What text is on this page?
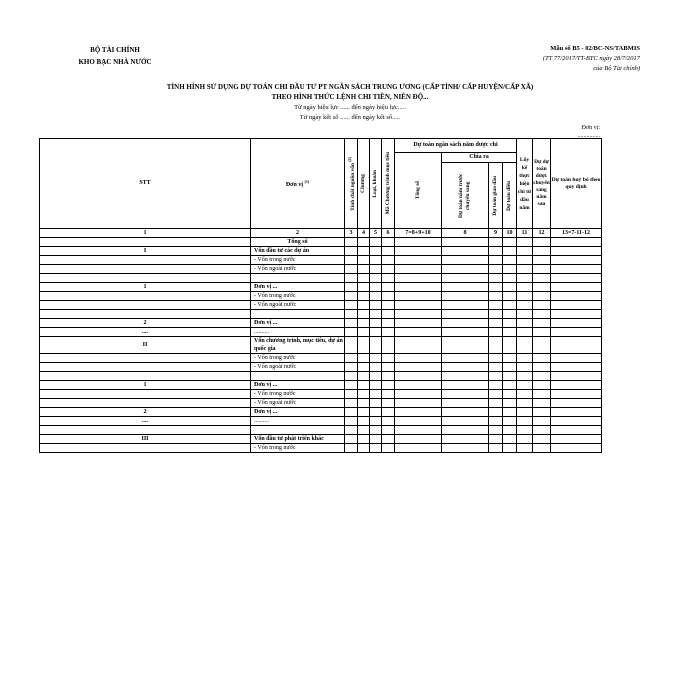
BỘ TÀI CHÍNH
KHO BẠC NHÀ NƯỚC
Mẫu số B5 - 02/BC-NS/TABMIS
(TT 77/2017/TT-BTC ngày 28/7/2017
của Bộ Tài chính)
TÌNH HÌNH SỬ DỤNG DỰ TOÁN CHI ĐẦU TƯ PT NGÂN SÁCH TRUNG ƯƠNG (CẤP TỈNH/ CẤP HUYỆN/CẤP XÃ)
THEO HÌNH THỨC LỆNH CHI TIỀN, NIÊN ĐỘ...
Từ ngày hiệu lực ...... đến ngày hiệu lực.....
Từ ngày kết số ...... đến ngày kết số.....
Đơn vị:
...............
STT	Đơn vị $^{(1)}$	Tính chất nguồn vốn $^{(2)}$	Chương	Loại, khoản	Mã Chương trình mục tiêu	Dự toán ngân sách năm được chi				Lũy kế thực hiện chi từ đầu năm	Dự dự toán được chuyển sang năm sau	Dự toán huỷ bỏ theo quy định

						Tổng số	Chia ra					

							Dự toán năm trước chuyển sang	Dự toán giao đầu	Dự toán điều			

1	2	3	4	5	6	7=8+9+10	8	9	10	11	12	13=7-11-12
	Tổng số											
I	Vốn đầu tư các dự án											
	- Vốn trong nước											
	- Vốn ngoài nước											

1	Đơn vị ...											
	- Vốn trong nước											
	- Vốn ngoài nước											

2	Đơn vị ...											
....	..........											
II	Vốn chương trình, mục tiêu, dự án quốc gia											
	- Vốn trong nước											
	- Vốn ngoài nước											

1	Đơn vị ...											
	- Vốn trong nước											
	- Vốn ngoài nước											
2	Đơn vị ...											
....	..........											

III	Vốn đầu tư phát triển khác											
	- Vốn trong nước											
